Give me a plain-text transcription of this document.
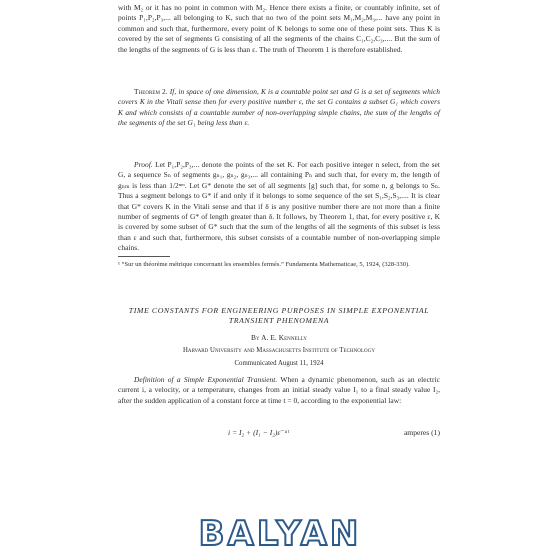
with M₂ or it has no point in common with M₂. Hence there exists a finite, or countably infinite, set of points P₁,P₂,P₃,... all belonging to K, such that no two of the point sets M₁,M₂,M₃,... have any point in common and such that, furthermore, every point of K belongs to some one of these point sets. Thus K is covered by the set of segments G consisting of all the segments of the chains C₁,C₂,C₃,.... But the sum of the lengths of the segments of G is less than ε. The truth of Theorem 1 is therefore established.

Theorem 2. If, in space of one dimension, K is a countable point set and G is a set of segments which covers K in the Vitali sense then for every positive number ε, the set G contains a subset G₁ which covers K and which consists of a countable number of non-overlapping simple chains, the sum of the lengths of the segments of the set G₁ being less than ε.

Proof. Let P₁,P₂,P₃,... denote the points of the set K. For each positive integer n select, from the set G, a sequence Sₙ of segments gₙ₁, gₙ₂, gₙ₃,... all containing Pₙ and such that, for every m, the length of gₙₘ is less than 1/2ⁿᵐ. Let G* denote the set of all segments [g] such that, for some n, g belongs to Sₙ. Thus a segment belongs to G* if and only if it belongs to some sequence of the set S₁,S₂,S₃,.... It is clear that G* covers K in the Vitali sense and that if δ is any positive number there are not more than a finite number of segments of G* of length greater than δ. It follows, by Theorem 1, that, for every positive ε, K is covered by some subset of G* such that the sum of the lengths of all the segments of this subset is less than ε and such that, furthermore, this subset consists of a countable number of non-overlapping simple chains.

¹ “Sur un théorème métrique concernant les ensembles fermés.” Fundamenta Mathematicae, 5, 1924, (328-330).

TIME CONSTANTS FOR ENGINEERING PURPOSES IN SIMPLE EXPONENTIAL TRANSIENT PHENOMENA

By A. E. Kennelly

Harvard University and Massachusetts Institute of Technology

Communicated August 11, 1924

Definition of a Simple Exponential Transient. When a dynamic phenomenon, such as an electric current i, a velocity, or a temperature, changes from an initial steady value I₁ to a final steady value I₂, after the sudden application of a constant force at time t = 0, according to the exponential law:

i = I₂ + (I₁ − I₂)ε⁻ᵃᵗ	amperes (1)
BALYAN
